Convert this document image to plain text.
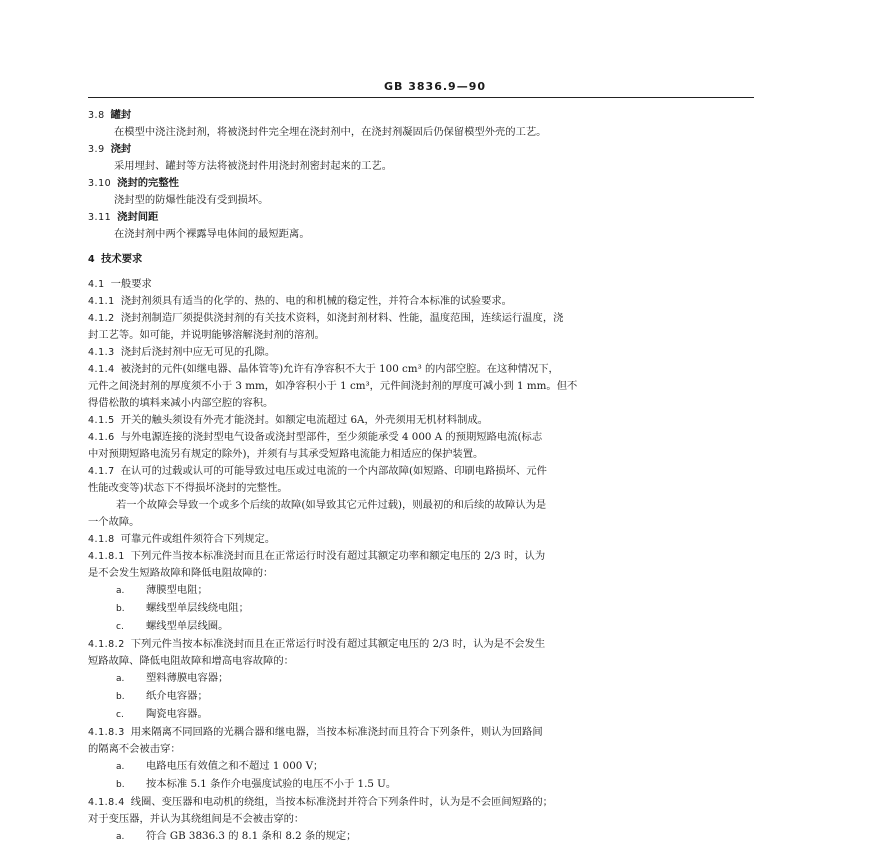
GB 3836.9—90

3.8 罐封

在模型中浇注浇封剂，将被浇封件完全埋在浇封剂中，在浇封剂凝固后仍保留模型外壳的工艺。

3.9 浇封

采用埋封、罐封等方法将被浇封件用浇封剂密封起来的工艺。

3.10 浇封的完整性

浇封型的防爆性能没有受到损坏。

3.11 浇封间距

在浇封剂中两个裸露导电体间的最短距离。

4 技术要求

4.1 一般要求

4.1.1 浇封剂须具有适当的化学的、热的、电的和机械的稳定性，并符合本标准的试验要求。

4.1.2 浇封剂制造厂须提供浇封剂的有关技术资料，如浇封剂材料、性能，温度范围，连续运行温度，浇

封工艺等。如可能，并说明能够溶解浇封剂的溶剂。

4.1.3 浇封后浇封剂中应无可见的孔隙。

4.1.4 被浇封的元件(如继电器、晶体管等)允许有净容积不大于 100 cm³ 的内部空腔。在这种情况下，

元件之间浇封剂的厚度须不小于 3 mm，如净容积小于 1 cm³，元件间浇封剂的厚度可减小到 1 mm。但不

得借松散的填料来减小内部空腔的容积。

4.1.5 开关的触头须设有外壳才能浇封。如额定电流超过 6A，外壳须用无机材料制成。

4.1.6 与外电源连接的浇封型电气设备或浇封型部件，至少须能承受 4 000 A 的预期短路电流(标志

中对预期短路电流另有规定的除外)，并须有与其承受短路电流能力相适应的保护装置。

4.1.7 在认可的过载或认可的可能导致过电压或过电流的一个内部故障(如短路、印刷电路损坏、元件

性能改变等)状态下不得损坏浇封的完整性。

若一个故障会导致一个或多个后续的故障(如导致其它元件过载)，则最初的和后续的故障认为是

一个故障。

4.1.8 可靠元件或组件须符合下列规定。

4.1.8.1 下列元件当按本标准浇封而且在正常运行时没有超过其额定功率和额定电压的 2/3 时，认为

是不会发生短路故障和降低电阻故障的：

a. 薄膜型电阻；

b. 螺线型单层线绕电阻；

c. 螺线型单层线圈。

4.1.8.2 下列元件当按本标准浇封而且在正常运行时没有超过其额定电压的 2/3 时，认为是不会发生

短路故障、降低电阻故障和增高电容故障的：

a. 塑料薄膜电容器；

b. 纸介电容器；

c. 陶瓷电容器。

4.1.8.3 用来隔离不同回路的光耦合器和继电器，当按本标准浇封而且符合下列条件，则认为回路间

的隔离不会被击穿：

a. 电路电压有效值之和不超过 1 000 V；

b. 按本标准 5.1 条作介电强度试验的电压不小于 1.5 U。

4.1.8.4 线圈、变压器和电动机的绕组，当按本标准浇封并符合下列条件时，认为是不会匝间短路的；

对于变压器，并认为其绕组间是不会被击穿的：

a. 符合 GB 3836.3 的 8.1 条和 8.2 条的规定；
